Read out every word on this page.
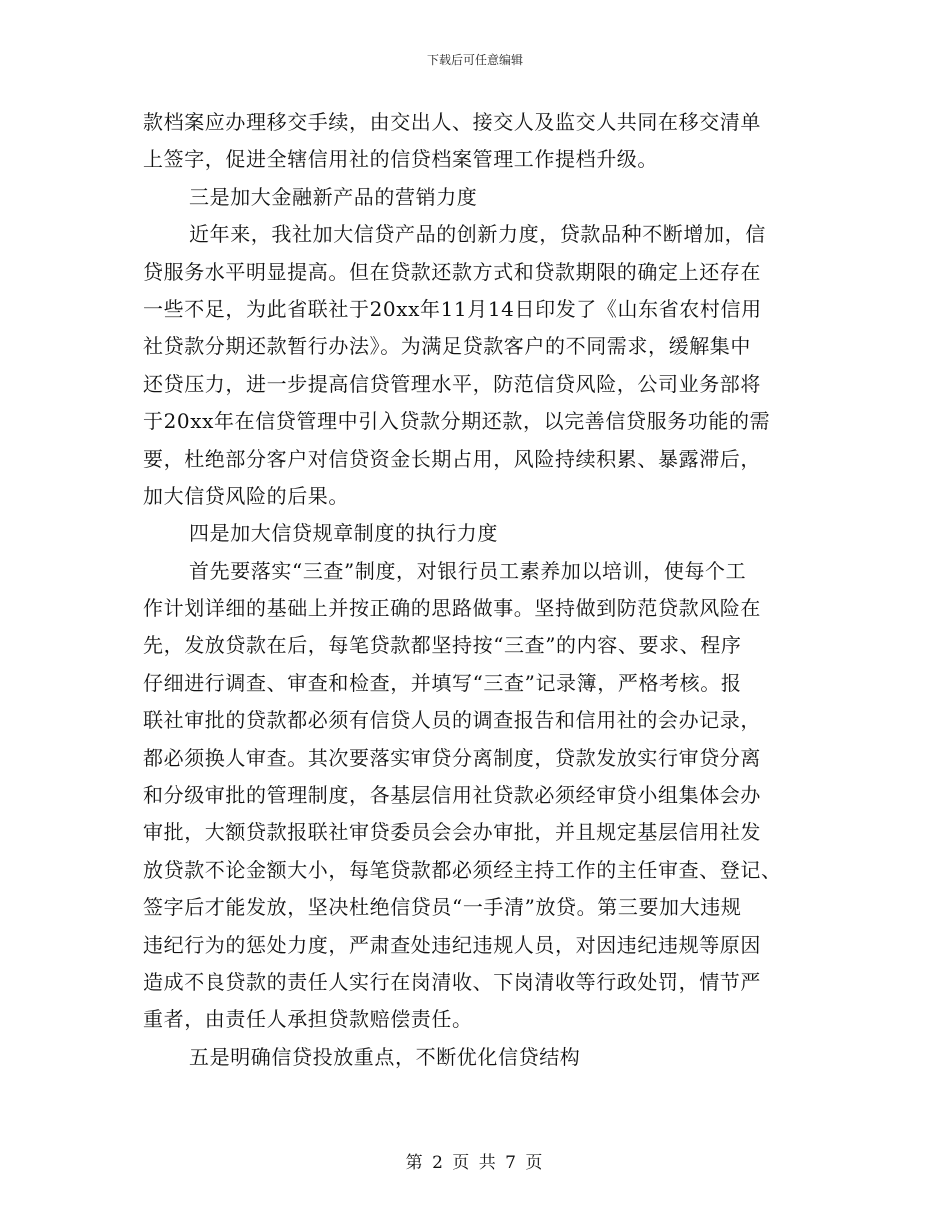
下载后可任意编辑
款档案应办理移交手续，由交出人、接交人及监交人共同在移交清单
上签字，促进全辖信用社的信贷档案管理工作提档升级。
三是加大金融新产品的营销力度
近年来，我社加大信贷产品的创新力度，贷款品种不断增加，信
贷服务水平明显提高。但在贷款还款方式和贷款期限的确定上还存在
一些不足，为此省联社于20xx年11月14日印发了《山东省农村信用
社贷款分期还款暂行办法》。为满足贷款客户的不同需求，缓解集中
还贷压力，进一步提高信贷管理水平，防范信贷风险，公司业务部将
于20xx年在信贷管理中引入贷款分期还款，以完善信贷服务功能的需
要，杜绝部分客户对信贷资金长期占用，风险持续积累、暴露滞后，
加大信贷风险的后果。
四是加大信贷规章制度的执行力度
首先要落实“三查”制度，对银行员工素养加以培训，使每个工
作计划详细的基础上并按正确的思路做事。坚持做到防范贷款风险在
先，发放贷款在后，每笔贷款都坚持按“三查”的内容、要求、程序
仔细进行调查、审查和检查，并填写“三查”记录簿，严格考核。报
联社审批的贷款都必须有信贷人员的调查报告和信用社的会办记录，
都必须换人审查。其次要落实审贷分离制度，贷款发放实行审贷分离
和分级审批的管理制度，各基层信用社贷款必须经审贷小组集体会办
审批，大额贷款报联社审贷委员会会办审批，并且规定基层信用社发
放贷款不论金额大小，每笔贷款都必须经主持工作的主任审查、登记、
签字后才能发放，坚决杜绝信贷员“一手清”放贷。第三要加大违规
违纪行为的惩处力度，严肃查处违纪违规人员，对因违纪违规等原因
造成不良贷款的责任人实行在岗清收、下岗清收等行政处罚，情节严
重者，由责任人承担贷款赔偿责任。
五是明确信贷投放重点，不断优化信贷结构
第 2 页 共 7 页
